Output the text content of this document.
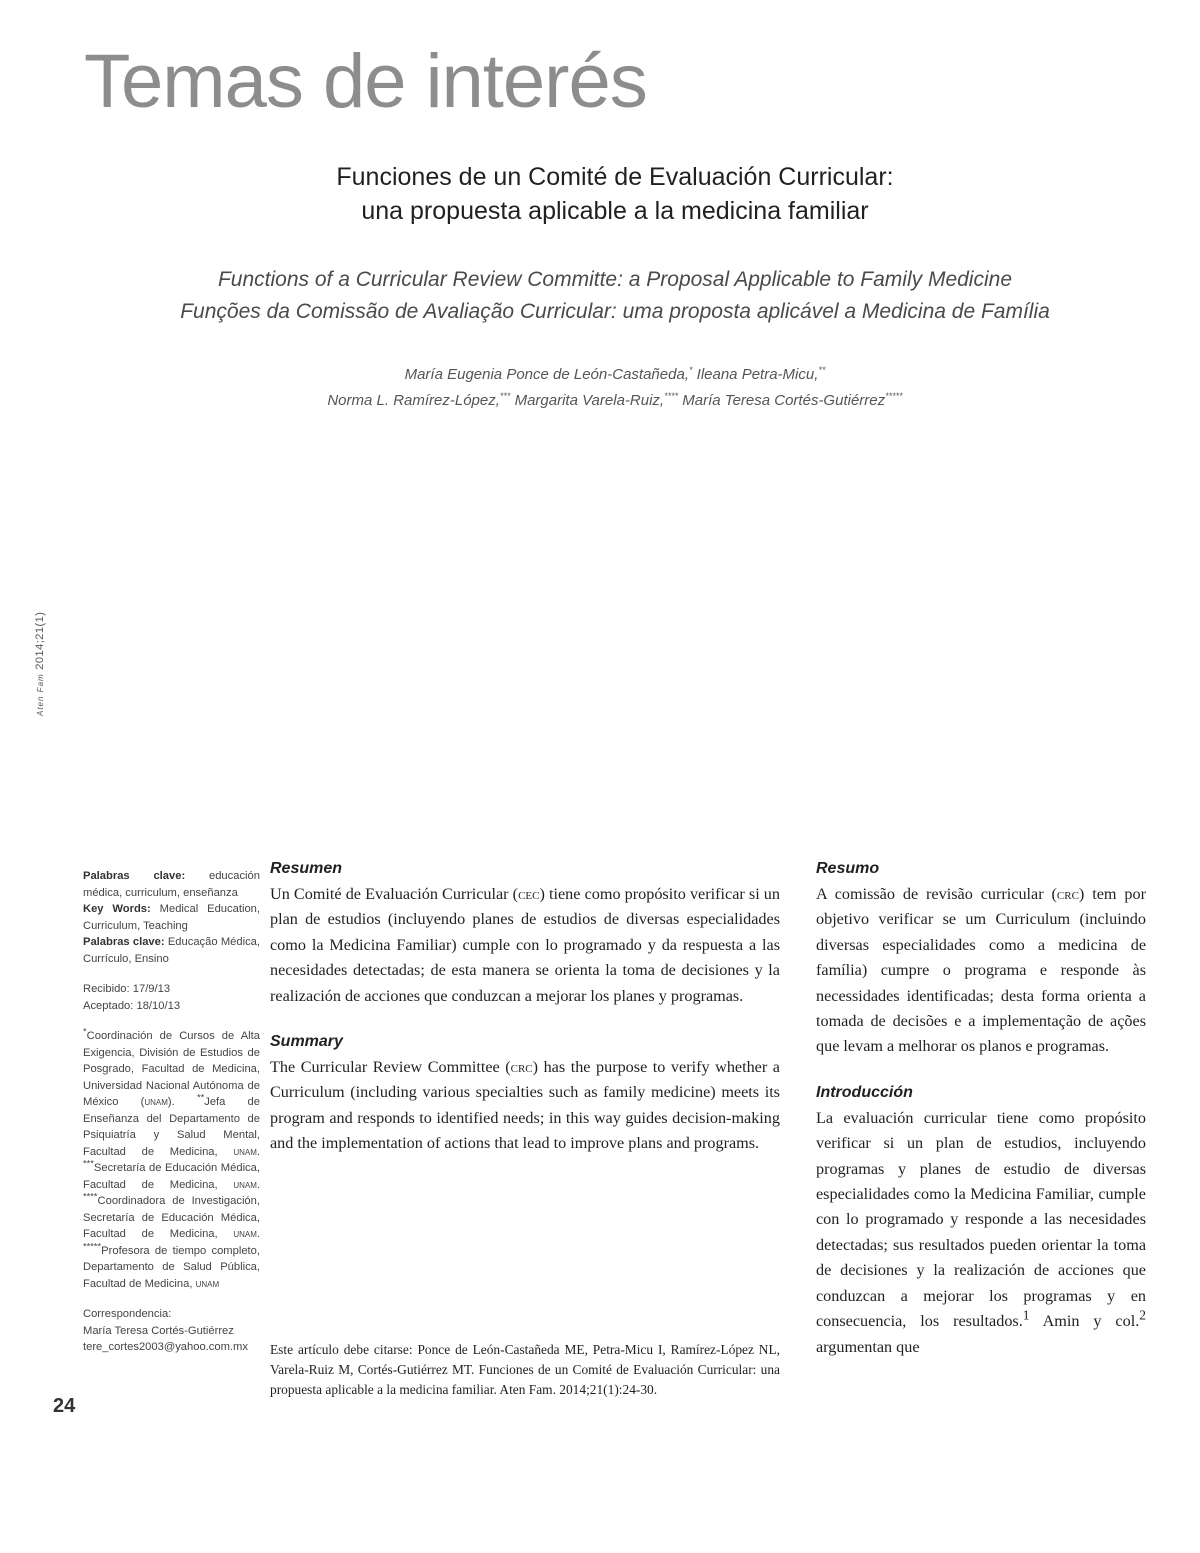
Temas de interés
Funciones de un Comité de Evaluación Curricular:
una propuesta aplicable a la medicina familiar
Functions of a Curricular Review Committe: a Proposal Applicable to Family Medicine
Funções da Comissão de Avaliação Curricular: uma proposta aplicável a Medicina de Família
María Eugenia Ponce de León-Castañeda,* Ileana Petra-Micu,**
Norma L. Ramírez-López,*** Margarita Varela-Ruiz,**** María Teresa Cortés-Gutiérrez*****
Aten Fam 2014;21(1)

Palabras clave: educación médica, curriculum, enseñanza

Key Words: Medical Education, Curriculum, Teaching

Palabras clave: Educação Médica, Currículo, Ensino

Recibido: 17/9/13

Aceptado: 18/10/13

*Coordinación de Cursos de Alta Exigencia, División de Estudios de Posgrado, Facultad de Medicina, Universidad Nacional Autónoma de México (unam). **Jefa de Enseñanza del Departamento de Psiquiatría y Salud Mental, Facultad de Medicina, unam. ***Secretaría de Educación Médica, Facultad de Medicina, unam. ****Coordinadora de Investigación, Secretaría de Educación Médica, Facultad de Medicina, unam. *****Profesora de tiempo completo, Departamento de Salud Pública, Facultad de Medicina, unam

Correspondencia:

María Teresa Cortés-Gutiérrez

tere_cortes2003@yahoo.com.mx

Resumen

Un Comité de Evaluación Curricular (cec) tiene como propósito verificar si un plan de estudios (incluyendo planes de estudios de diversas especialidades como la Medicina Familiar) cumple con lo programado y da respuesta a las necesidades detectadas; de esta manera se orienta la toma de decisiones y la realización de acciones que conduzcan a mejorar los planes y programas.

Summary

The Curricular Review Committee (crc) has the purpose to verify whether a Curriculum (including various specialties such as family medicine) meets its program and responds to identified needs; in this way guides decision-making and the implementation of actions that lead to improve plans and programs.

Este artículo debe citarse: Ponce de León-Castañeda ME, Petra-Micu I, Ramírez-López NL, Varela-Ruiz M, Cortés-Gutiérrez MT. Funciones de un Comité de Evaluación Curricular: una propuesta aplicable a la medicina familiar. Aten Fam. 2014;21(1):24-30.
Resumo

A comissão de revisão curricular (crc) tem por objetivo verificar se um Curriculum (incluindo diversas especialidades como a medicina de família) cumpre o programa e responde às necessidades identificadas; desta forma orienta a tomada de decisões e a implementação de ações que levam a melhorar os planos e programas.

Introducción

La evaluación curricular tiene como propósito verificar si un plan de estudios, incluyendo programas y planes de estudio de diversas especialidades como la Medicina Familiar, cumple con lo programado y responde a las necesidades detectadas; sus resultados pueden orientar la toma de decisiones y la realización de acciones que conduzcan a mejorar los programas y en consecuencia, los resultados.$^1$ Amin y col.$^2$ argumentan que

24
